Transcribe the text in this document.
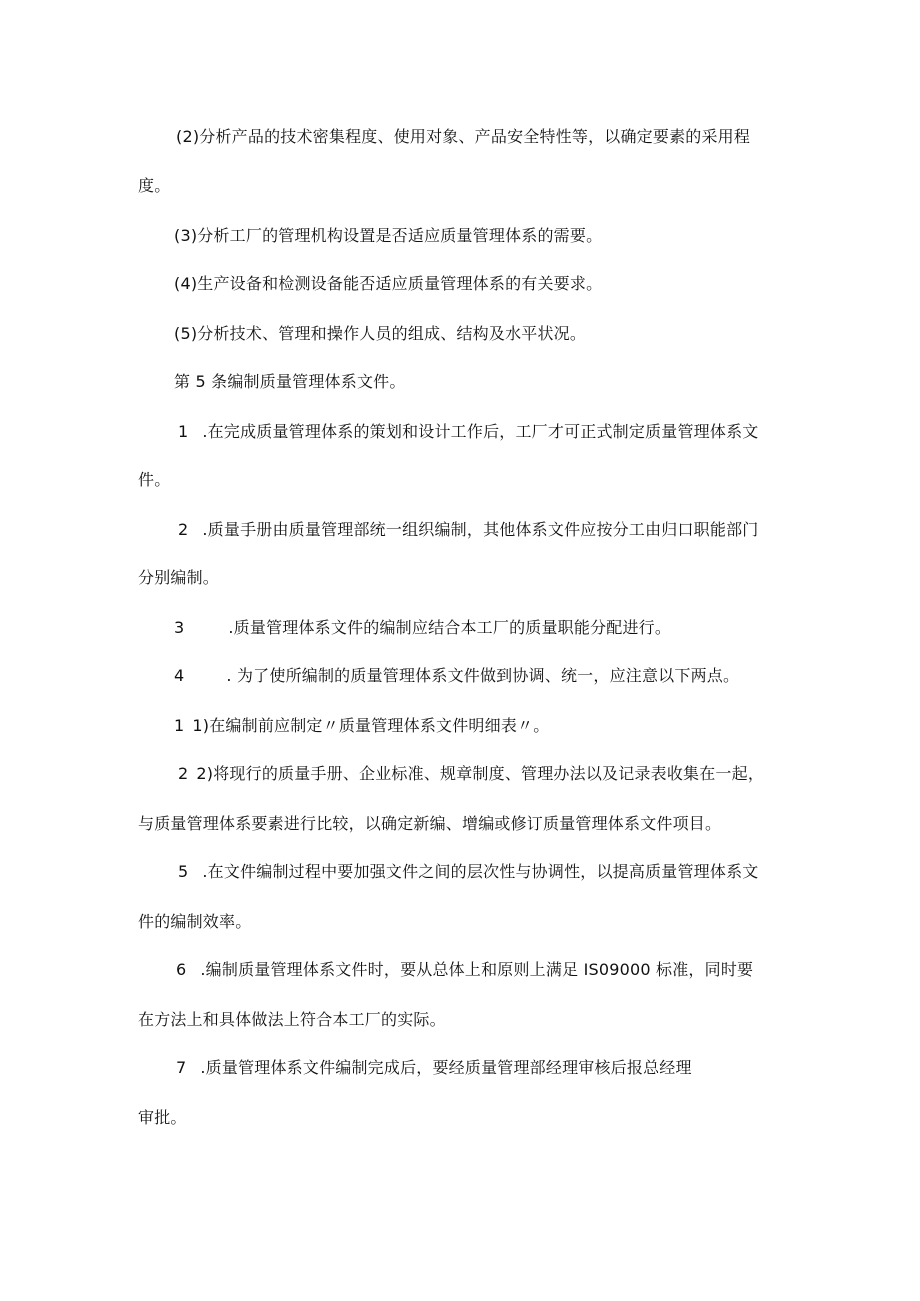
(2)分析产品的技术密集程度、使用对象、产品安全特性等，以确定要素的采用程
度。
(3)分析工厂的管理机构设置是否适应质量管理体系的需要。
(4)生产设备和检测设备能否适应质量管理体系的有关要求。
(5)分析技术、管理和操作人员的组成、结构及水平状况。
第 5 条编制质量管理体系文件。
1 .在完成质量管理体系的策划和设计工作后，工厂才可正式制定质量管理体系文
件。
2 .质量手册由质量管理部统一组织编制，其他体系文件应按分工由归口职能部门
分别编制。
3	.质量管理体系文件的编制应结合本工厂的质量职能分配进行。
4	. 为了使所编制的质量管理体系文件做到协调、统一，应注意以下两点。
1 1)在编制前应制定〃质量管理体系文件明细表〃。
2 2)将现行的质量手册、企业标准、规章制度、管理办法以及记录表收集在一起，
与质量管理体系要素进行比较，以确定新编、增编或修订质量管理体系文件项目。
5 .在文件编制过程中要加强文件之间的层次性与协调性，以提高质量管理体系文
件的编制效率。
6 .编制质量管理体系文件时，要从总体上和原则上满足 IS09000 标准，同时要
在方法上和具体做法上符合本工厂的实际。
7 .质量管理体系文件编制完成后，要经质量管理部经理审核后报总经理
审批。
